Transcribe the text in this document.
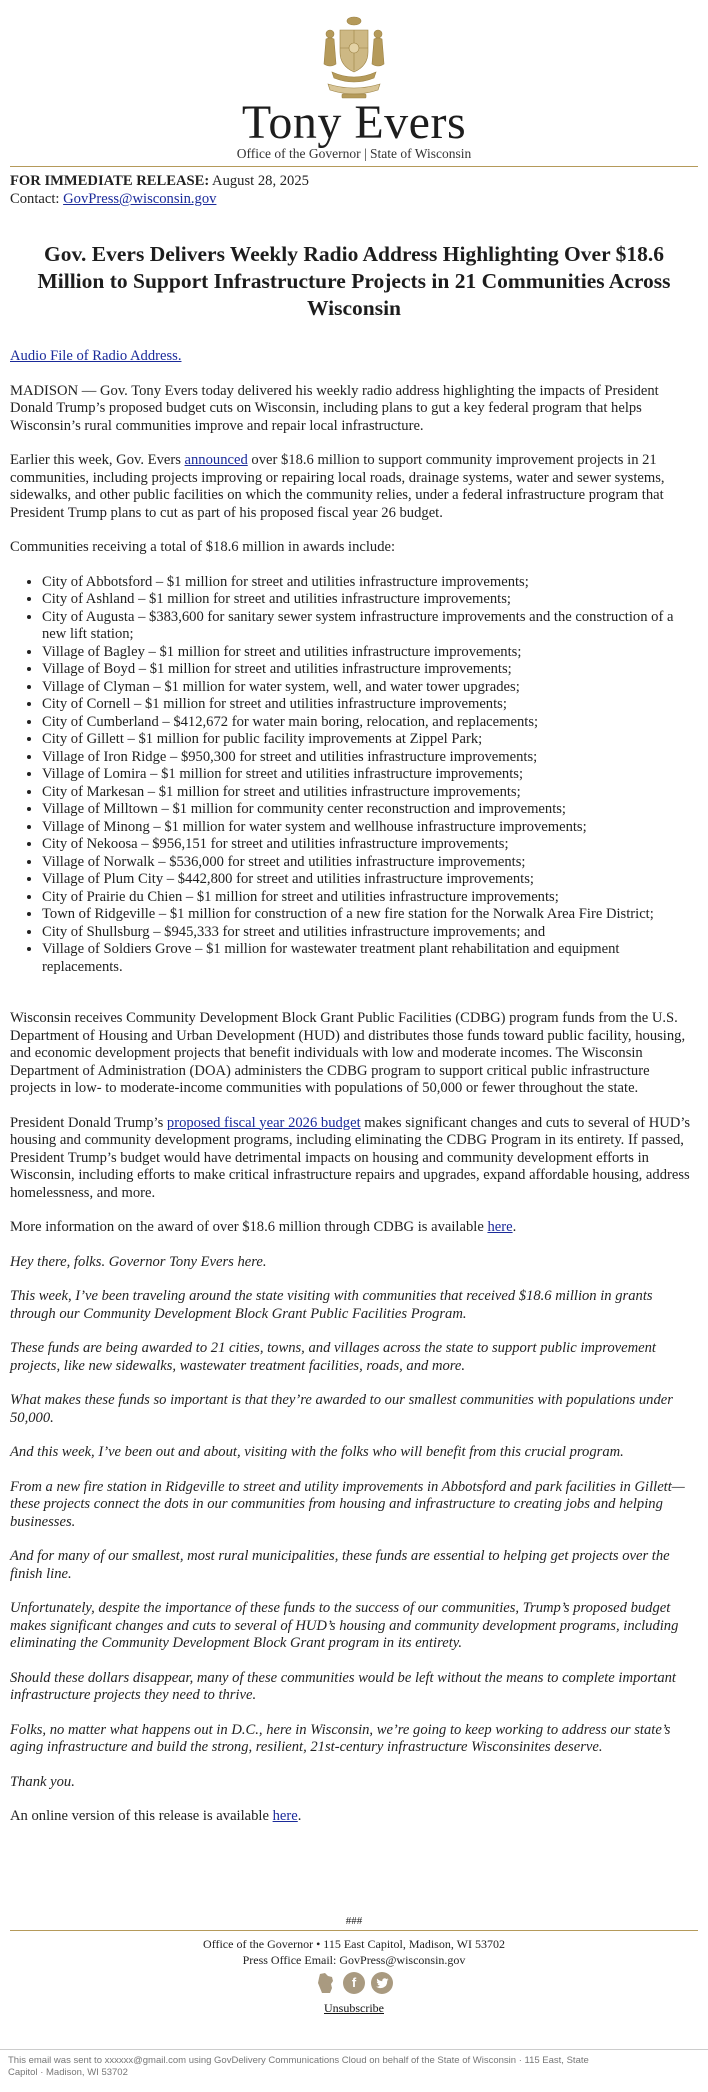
Tony Evers
Office of the Governor | State of Wisconsin

FOR IMMEDIATE RELEASE: August 28, 2025

Contact: GovPress@wisconsin.gov

Gov. Evers Delivers Weekly Radio Address Highlighting Over $18.6 Million to Support Infrastructure Projects in 21 Communities Across Wisconsin

Audio File of Radio Address.

MADISON — Gov. Tony Evers today delivered his weekly radio address highlighting the impacts of President Donald Trump’s proposed budget cuts on Wisconsin, including plans to gut a key federal program that helps Wisconsin’s rural communities improve and repair local infrastructure.

Earlier this week, Gov. Evers announced over $18.6 million to support community improvement projects in 21 communities, including projects improving or repairing local roads, drainage systems, water and sewer systems, sidewalks, and other public facilities on which the community relies, under a federal infrastructure program that President Trump plans to cut as part of his proposed fiscal year 26 budget.

Communities receiving a total of $18.6 million in awards include:

• City of Abbotsford – $1 million for street and utilities infrastructure improvements;
• City of Ashland – $1 million for street and utilities infrastructure improvements;
• City of Augusta – $383,600 for sanitary sewer system infrastructure improvements and the construction of a new lift station;
• Village of Bagley – $1 million for street and utilities infrastructure improvements;
• Village of Boyd – $1 million for street and utilities infrastructure improvements;
• Village of Clyman – $1 million for water system, well, and water tower upgrades;
• City of Cornell – $1 million for street and utilities infrastructure improvements;
• City of Cumberland – $412,672 for water main boring, relocation, and replacements;
• City of Gillett – $1 million for public facility improvements at Zippel Park;
• Village of Iron Ridge – $950,300 for street and utilities infrastructure improvements;
• Village of Lomira – $1 million for street and utilities infrastructure improvements;
• City of Markesan – $1 million for street and utilities infrastructure improvements;
• Village of Milltown – $1 million for community center reconstruction and improvements;
• Village of Minong – $1 million for water system and wellhouse infrastructure improvements;
• City of Nekoosa – $956,151 for street and utilities infrastructure improvements;
• Village of Norwalk – $536,000 for street and utilities infrastructure improvements;
• Village of Plum City – $442,800 for street and utilities infrastructure improvements;
• City of Prairie du Chien – $1 million for street and utilities infrastructure improvements;
• Town of Ridgeville – $1 million for construction of a new fire station for the Norwalk Area Fire District;
• City of Shullsburg – $945,333 for street and utilities infrastructure improvements; and
• Village of Soldiers Grove – $1 million for wastewater treatment plant rehabilitation and equipment replacements.

Wisconsin receives Community Development Block Grant Public Facilities (CDBG) program funds from the U.S. Department of Housing and Urban Development (HUD) and distributes those funds toward public facility, housing, and economic development projects that benefit individuals with low and moderate incomes. The Wisconsin Department of Administration (DOA) administers the CDBG program to support critical public infrastructure projects in low- to moderate-income communities with populations of 50,000 or fewer throughout the state.

President Donald Trump’s proposed fiscal year 2026 budget makes significant changes and cuts to several of HUD’s housing and community development programs, including eliminating the CDBG Program in its entirety. If passed, President Trump’s budget would have detrimental impacts on housing and community development efforts in Wisconsin, including efforts to make critical infrastructure repairs and upgrades, expand affordable housing, address homelessness, and more.

More information on the award of over $18.6 million through CDBG is available here.

Hey there, folks. Governor Tony Evers here.

This week, I’ve been traveling around the state visiting with communities that received $18.6 million in grants through our Community Development Block Grant Public Facilities Program.

These funds are being awarded to 21 cities, towns, and villages across the state to support public improvement projects, like new sidewalks, wastewater treatment facilities, roads, and more.

What makes these funds so important is that they’re awarded to our smallest communities with populations under 50,000.

And this week, I’ve been out and about, visiting with the folks who will benefit from this crucial program.

From a new fire station in Ridgeville to street and utility improvements in Abbotsford and park facilities in Gillett—these projects connect the dots in our communities from housing and infrastructure to creating jobs and helping businesses.

And for many of our smallest, most rural municipalities, these funds are essential to helping get projects over the finish line.

Unfortunately, despite the importance of these funds to the success of our communities, Trump’s proposed budget makes significant changes and cuts to several of HUD’s housing and community development programs, including eliminating the Community Development Block Grant program in its entirety.

Should these dollars disappear, many of these communities would be left without the means to complete important infrastructure projects they need to thrive.

Folks, no matter what happens out in D.C., here in Wisconsin, we’re going to keep working to address our state’s aging infrastructure and build the strong, resilient, 21st-century infrastructure Wisconsinites deserve.

Thank you.

An online version of this release is available here.

###
Office of the Governor • 115 East Capitol, Madison, WI 53702
Press Office Email: GovPress@wisconsin.gov
f
Unsubscribe
This email was sent to xxxxxx@gmail.com using GovDelivery Communications Cloud on behalf of the State of Wisconsin · 115 East, State Capitol · Madison, WI 53702
